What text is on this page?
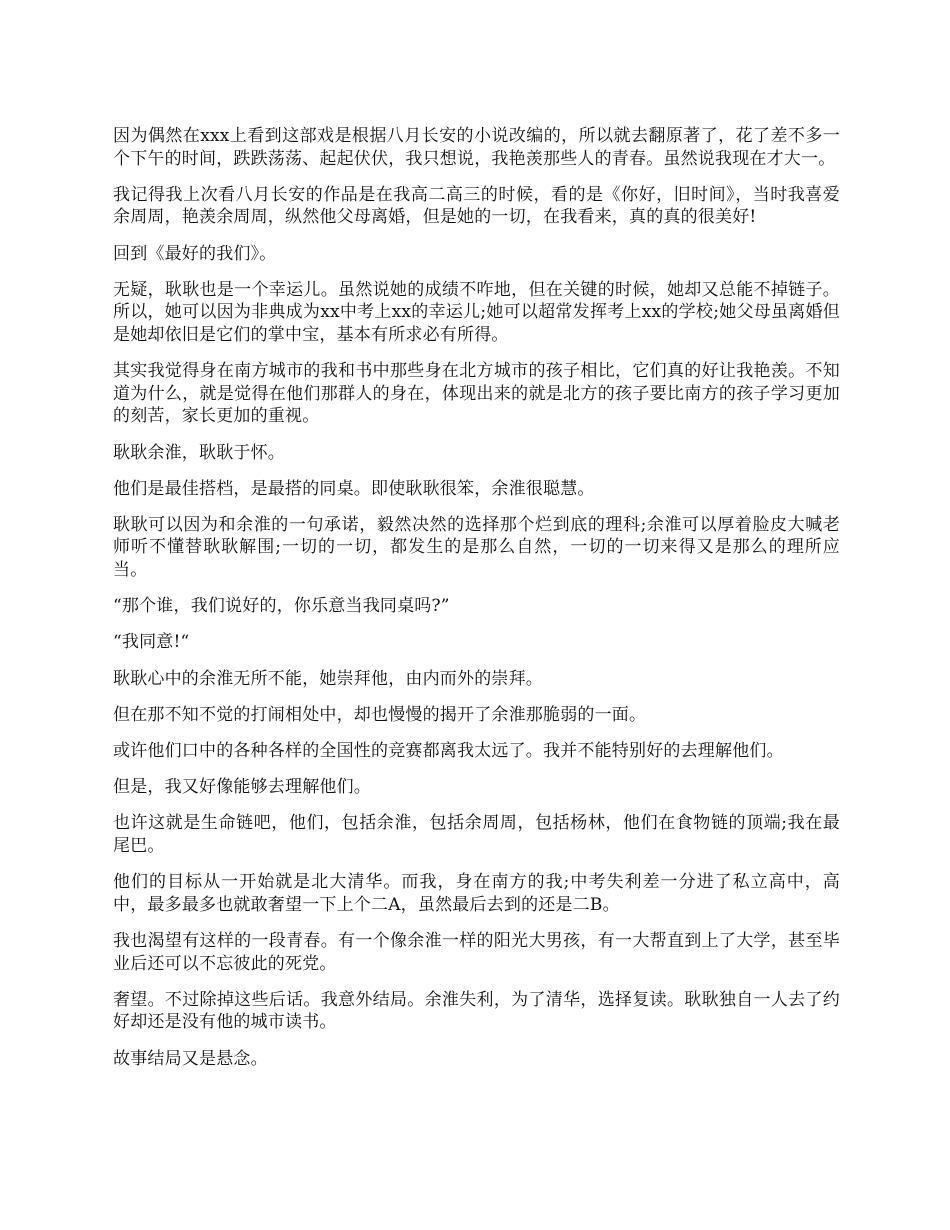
因为偶然在xxx上看到这部戏是根据八月长安的小说改编的，所以就去翻原著了，花了差不多一个下午的时间，跌跌荡荡、起起伏伏，我只想说，我艳羡那些人的青春。虽然说我现在才大一。

我记得我上次看八月长安的作品是在我高二高三的时候，看的是《你好，旧时间》，当时我喜爱余周周，艳羡余周周，纵然他父母离婚，但是她的一切，在我看来，真的真的很美好!

回到《最好的我们》。

无疑，耿耿也是一个幸运儿。虽然说她的成绩不咋地，但在关键的时候，她却又总能不掉链子。所以，她可以因为非典成为xx中考上xx的幸运儿;她可以超常发挥考上xx的学校;她父母虽离婚但是她却依旧是它们的掌中宝，基本有所求必有所得。

其实我觉得身在南方城市的我和书中那些身在北方城市的孩子相比，它们真的好让我艳羡。不知道为什么，就是觉得在他们那群人的身在，体现出来的就是北方的孩子要比南方的孩子学习更加的刻苦，家长更加的重视。

耿耿余淮，耿耿于怀。

他们是最佳搭档，是最搭的同桌。即使耿耿很笨，余淮很聪慧。

耿耿可以因为和余淮的一句承诺，毅然决然的选择那个烂到底的理科;余淮可以厚着脸皮大喊老师听不懂替耿耿解围;一切的一切，都发生的是那么自然，一切的一切来得又是那么的理所应当。

“那个谁，我们说好的，你乐意当我同桌吗?”

“我同意!“

耿耿心中的余淮无所不能，她崇拜他，由内而外的崇拜。

但在那不知不觉的打闹相处中，却也慢慢的揭开了余淮那脆弱的一面。

或许他们口中的各种各样的全国性的竞赛都离我太远了。我并不能特别好的去理解他们。

但是，我又好像能够去理解他们。

也许这就是生命链吧，他们，包括余淮，包括余周周，包括杨林，他们在食物链的顶端;我在最尾巴。

他们的目标从一开始就是北大清华。而我，身在南方的我;中考失利差一分进了私立高中，高中，最多最多也就敢奢望一下上个二A，虽然最后去到的还是二B。

我也渴望有这样的一段青春。有一个像余淮一样的阳光大男孩，有一大帮直到上了大学，甚至毕业后还可以不忘彼此的死党。

奢望。不过除掉这些后话。我意外结局。余淮失利，为了清华，选择复读。耿耿独自一人去了约好却还是没有他的城市读书。

故事结局又是悬念。
